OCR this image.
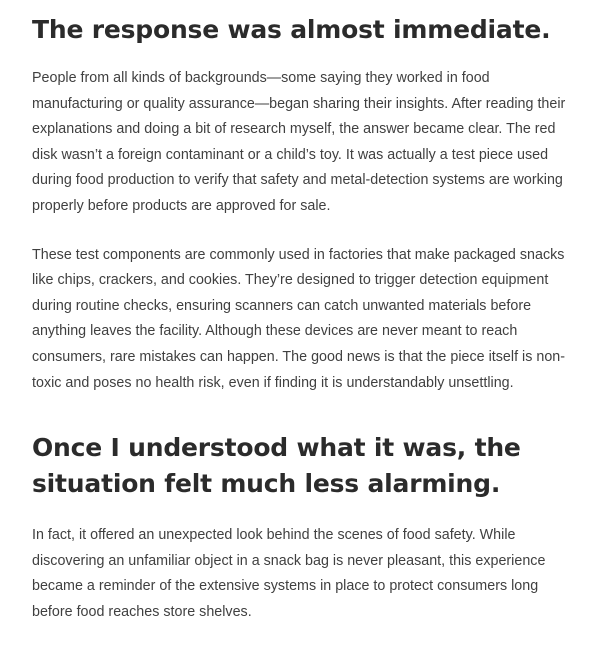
The response was almost immediate.

People from all kinds of backgrounds—some saying they worked in food manufacturing or quality assurance—began sharing their insights. After reading their explanations and doing a bit of research myself, the answer became clear. The red disk wasn’t a foreign contaminant or a child’s toy. It was actually a test piece used during food production to verify that safety and metal-detection systems are working properly before products are approved for sale.

These test components are commonly used in factories that make packaged snacks like chips, crackers, and cookies. They’re designed to trigger detection equipment during routine checks, ensuring scanners can catch unwanted materials before anything leaves the facility. Although these devices are never meant to reach consumers, rare mistakes can happen. The good news is that the piece itself is non-toxic and poses no health risk, even if finding it is understandably unsettling.

Once I understood what it was, the situation felt much less alarming.

In fact, it offered an unexpected look behind the scenes of food safety. While discovering an unfamiliar object in a snack bag is never pleasant, this experience became a reminder of the extensive systems in place to protect consumers long before food reaches store shelves.
